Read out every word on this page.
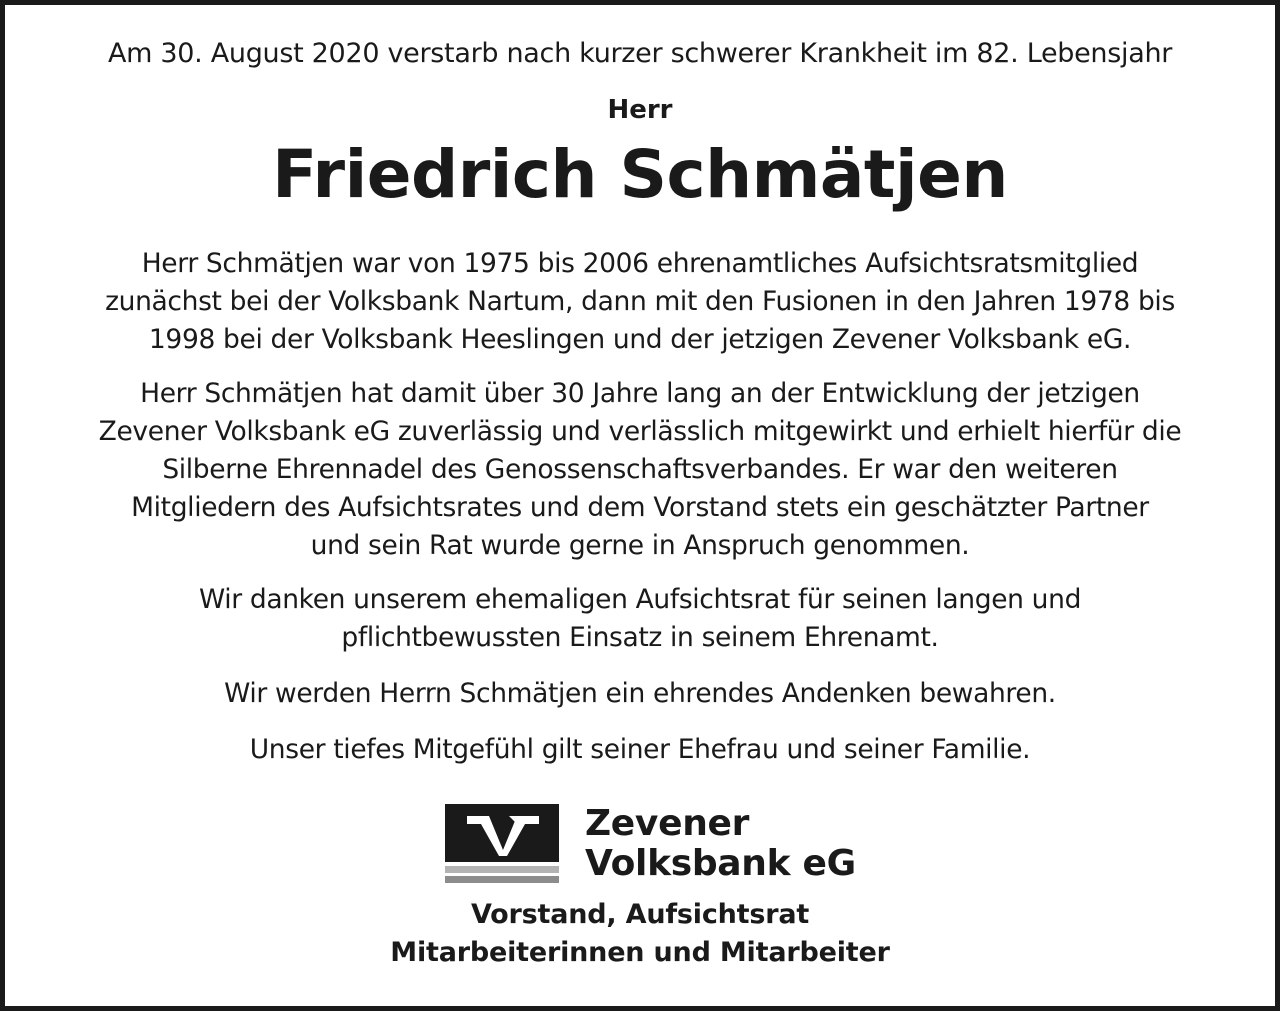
Am 30. August 2020 verstarb nach kurzer schwerer Krankheit im 82. Lebensjahr
Herr
Friedrich Schmätjen

Herr Schmätjen war von 1975 bis 2006 ehrenamtliches Aufsichtsratsmitglied
zunächst bei der Volksbank Nartum, dann mit den Fusionen in den Jahren 1978 bis
1998 bei der Volksbank Heeslingen und der jetzigen Zevener Volksbank eG.

Herr Schmätjen hat damit über 30 Jahre lang an der Entwicklung der jetzigen
Zevener Volksbank eG zuverlässig und verlässlich mitgewirkt und erhielt hierfür die
Silberne Ehrennadel des Genossenschaftsverbandes. Er war den weiteren
Mitgliedern des Aufsichtsrates und dem Vorstand stets ein geschätzter Partner
und sein Rat wurde gerne in Anspruch genommen.

Wir danken unserem ehemaligen Aufsichtsrat für seinen langen und
pflichtbewussten Einsatz in seinem Ehrenamt.

Wir werden Herrn Schmätjen ein ehrendes Andenken bewahren.

Unser tiefes Mitgefühl gilt seiner Ehefrau und seiner Familie.

Zevener
Volksbank eG
Vorstand, Aufsichtsrat
Mitarbeiterinnen und Mitarbeiter
